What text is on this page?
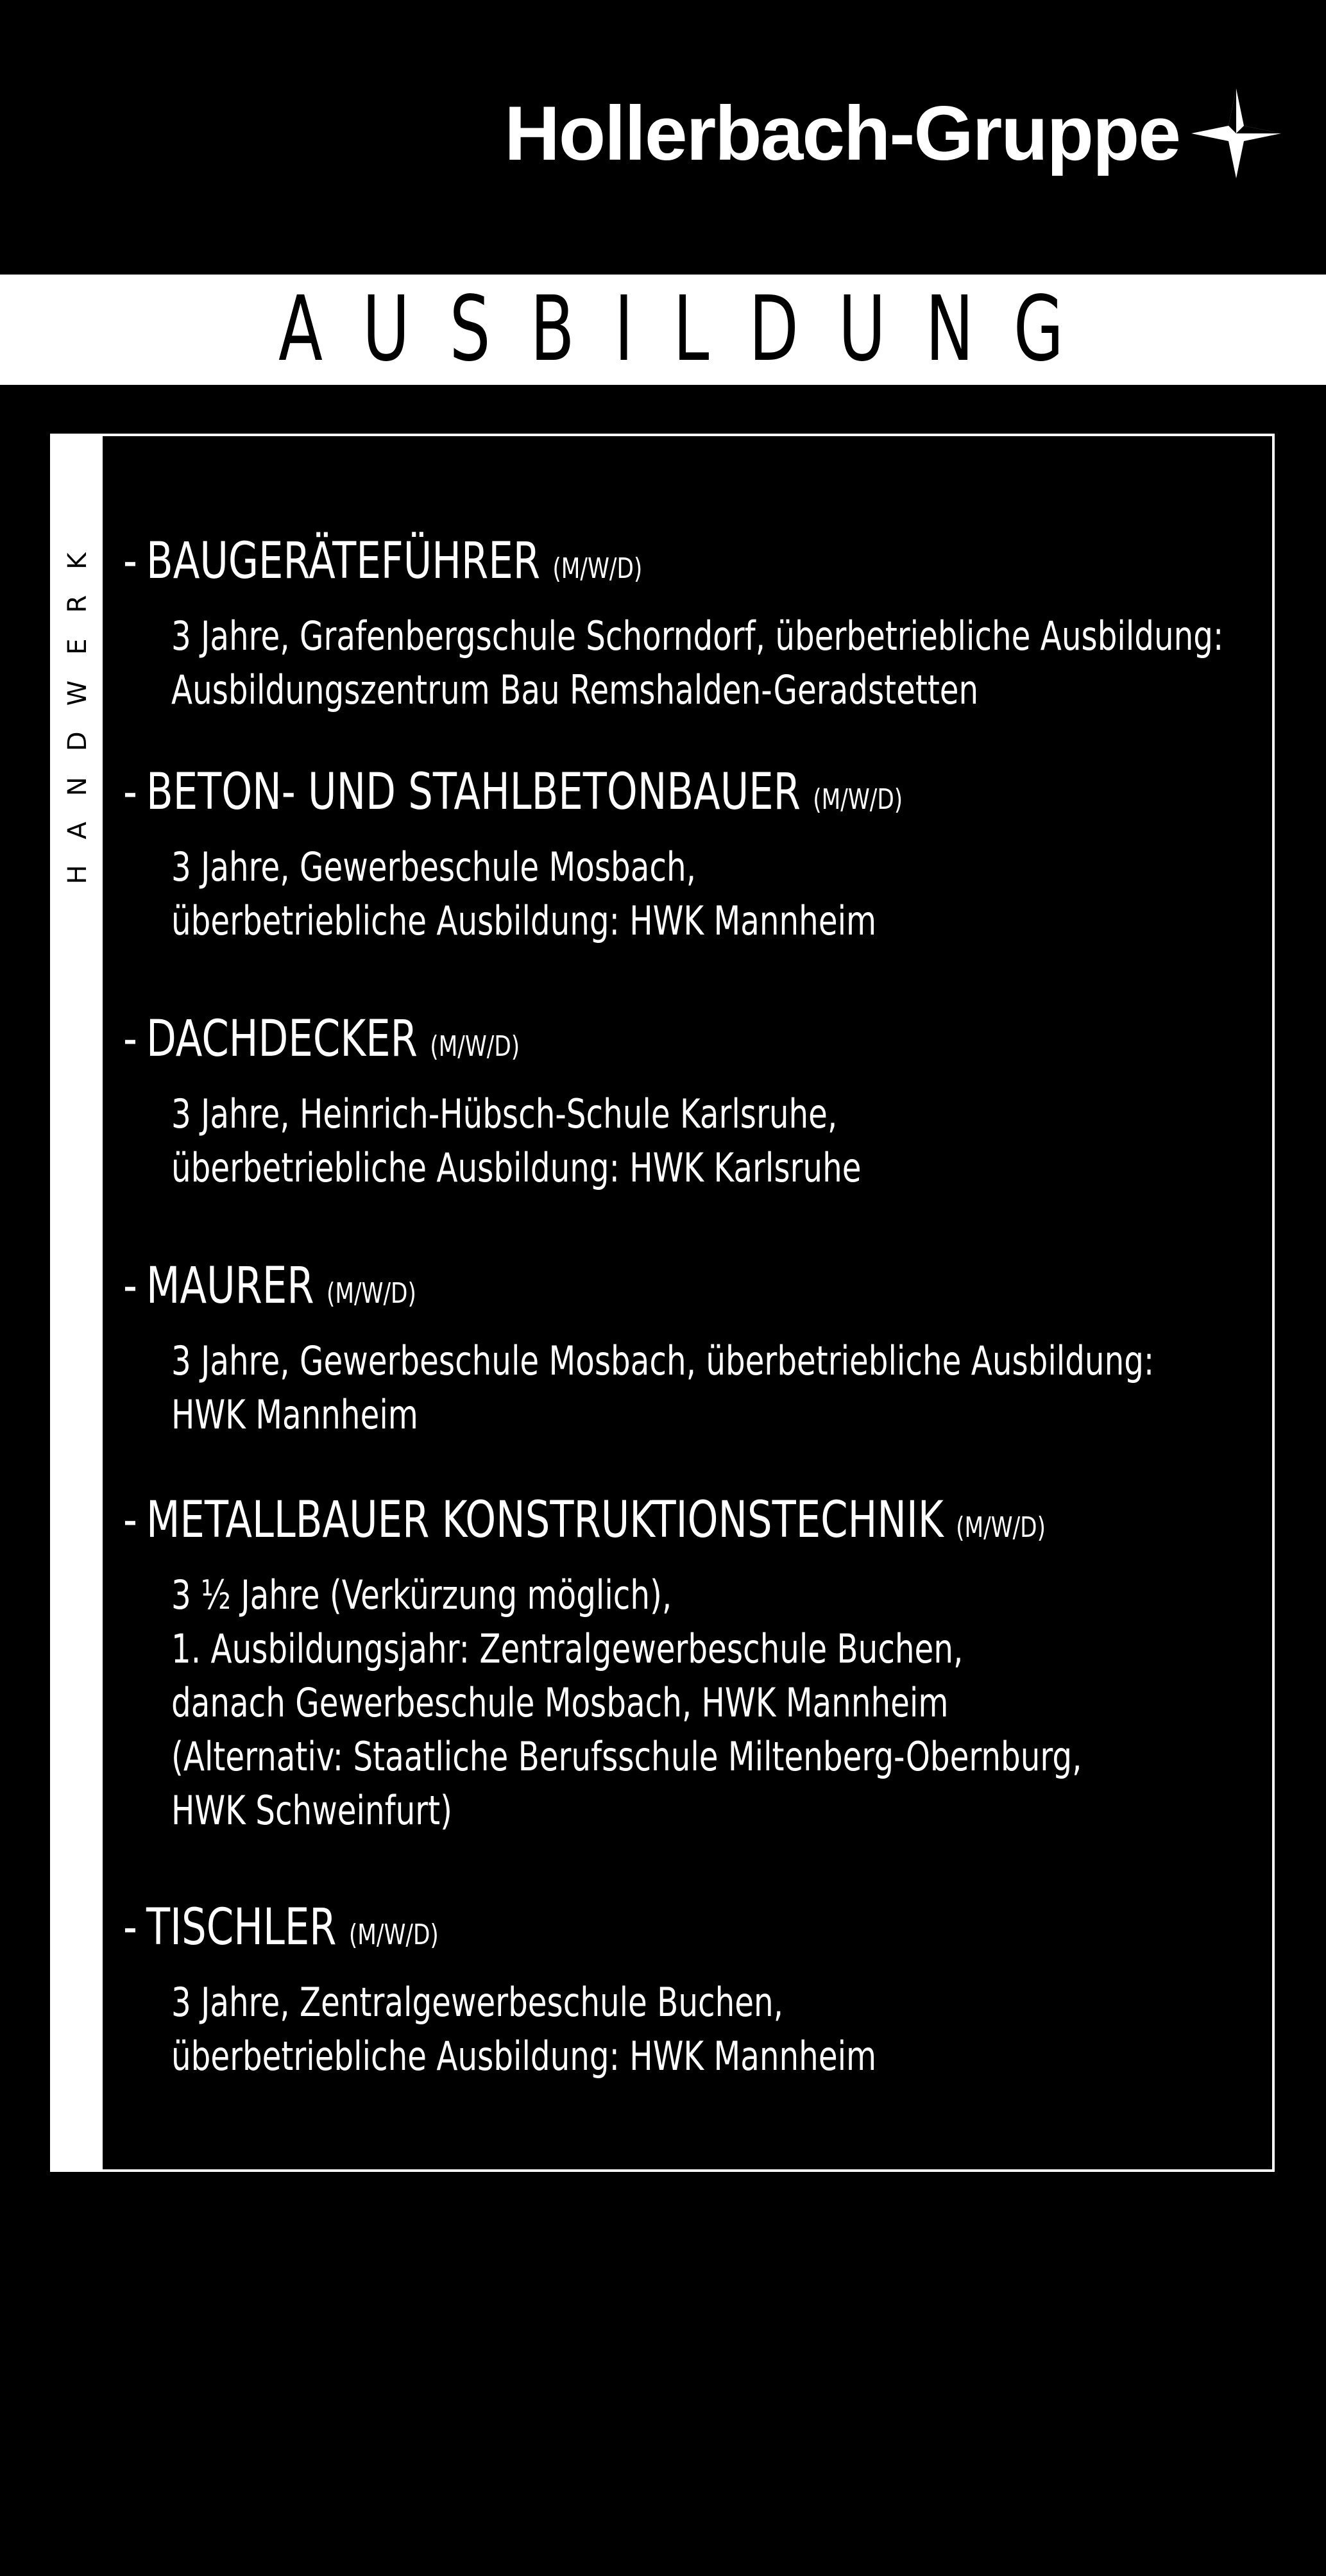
Hollerbach-Gruppe
AUSBILDUNG
HANDWERK - BAUGERÄTEFÜHRER (M/W/D)
3 Jahre, Grafenbergschule Schorndorf, überbetriebliche Ausbildung:
Ausbildungszentrum Bau Remshalden-Geradstetten
- BETON- UND STAHLBETONBAUER (M/W/D)
3 Jahre, Gewerbeschule Mosbach,
überbetriebliche Ausbildung: HWK Mannheim
- DACHDECKER (M/W/D)
3 Jahre, Heinrich-Hübsch-Schule Karlsruhe,
überbetriebliche Ausbildung: HWK Karlsruhe
- MAURER (M/W/D)
3 Jahre, Gewerbeschule Mosbach, überbetriebliche Ausbildung:
HWK Mannheim
- METALLBAUER KONSTRUKTIONSTECHNIK (M/W/D)
3 ½ Jahre (Verkürzung möglich),
1. Ausbildungsjahr: Zentralgewerbeschule Buchen,
danach Gewerbeschule Mosbach, HWK Mannheim
(Alternativ: Staatliche Berufsschule Miltenberg-Obernburg,
HWK Schweinfurt)
- TISCHLER (M/W/D)
3 Jahre, Zentralgewerbeschule Buchen,
überbetriebliche Ausbildung: HWK Mannheim
